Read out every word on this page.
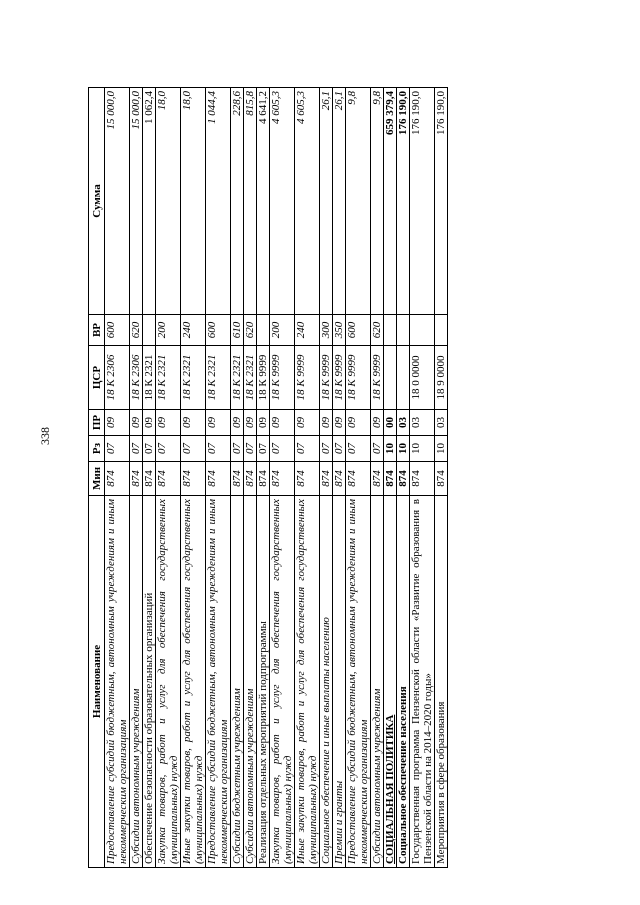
338
Наименование	Мин	Рз	ПР	ЦСР	ВР	Сумма
Предоставление субсидий бюджетным, автономным учреждениям и иным некоммерческим организациям	874	07	09	18 К 2306	600	15 000,0
Субсидии автономным учреждениям	874	07	09	18 К 2306	620	15 000,0
Обеспечение безопасности образовательных организаций	874	07	09	18 К 2321		1 062,4
Закупка товаров, работ и услуг для обеспечения государственных (муниципальных) нужд	874	07	09	18 К 2321	200	18,0
Иные закупки товаров, работ и услуг для обеспечения государственных (муниципальных) нужд	874	07	09	18 К 2321	240	18,0
Предоставление субсидий бюджетным, автономным учреждениям и иным некоммерческим организациям	874	07	09	18 К 2321	600	1 044,4
Субсидии бюджетным учреждениям	874	07	09	18 К 2321	610	228,6
Субсидии автономным учреждениям	874	07	09	18 К 2321	620	815,8
Реализация отдельных мероприятий подпрограммы	874	07	09	18 К 9999		4 641,2
Закупка товаров, работ и услуг для обеспечения государственных (муниципальных) нужд	874	07	09	18 К 9999	200	4 605,3
Иные закупки товаров, работ и услуг для обеспечения государственных (муниципальных) нужд	874	07	09	18 К 9999	240	4 605,3
Социальное обеспечение и иные выплаты населению	874	07	09	18 К 9999	300	26,1
Премии и гранты	874	07	09	18 К 9999	350	26,1
Предоставление субсидий бюджетным, автономным учреждениям и иным некоммерческим организациям	874	07	09	18 К 9999	600	9,8
Субсидии автономным учреждениям	874	07	09	18 К 9999	620	9,8
СОЦИАЛЬНАЯ ПОЛИТИКА	874	10	00			659 379,4
Социальное обеспечение населения	874	10	03			176 190,0
Государственная программа Пензенской области «Развитие образования в Пензенской области на 2014–2020 годы»	874	10	03	18 0 0000		176 190,0
Мероприятия в сфере образования	874	10	03	18 9 0000		176 190,0
